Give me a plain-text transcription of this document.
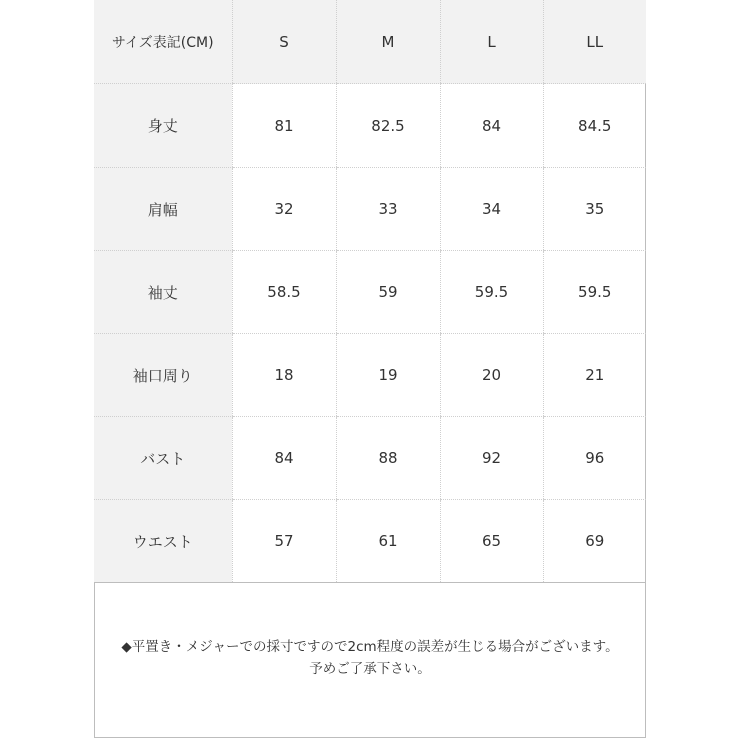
サイズ表記(CM)	S	M	L	LL
身丈	81	82.5	84	84.5
肩幅	32	33	34	35
袖丈	58.5	59	59.5	59.5
袖口周り	18	19	20	21
バスト	84	88	92	96
ウエスト	57	61	65	69
◆平置き・メジャーでの採寸ですので2cm程度の誤差が生じる場合がございます。
予めご了承下さい。
